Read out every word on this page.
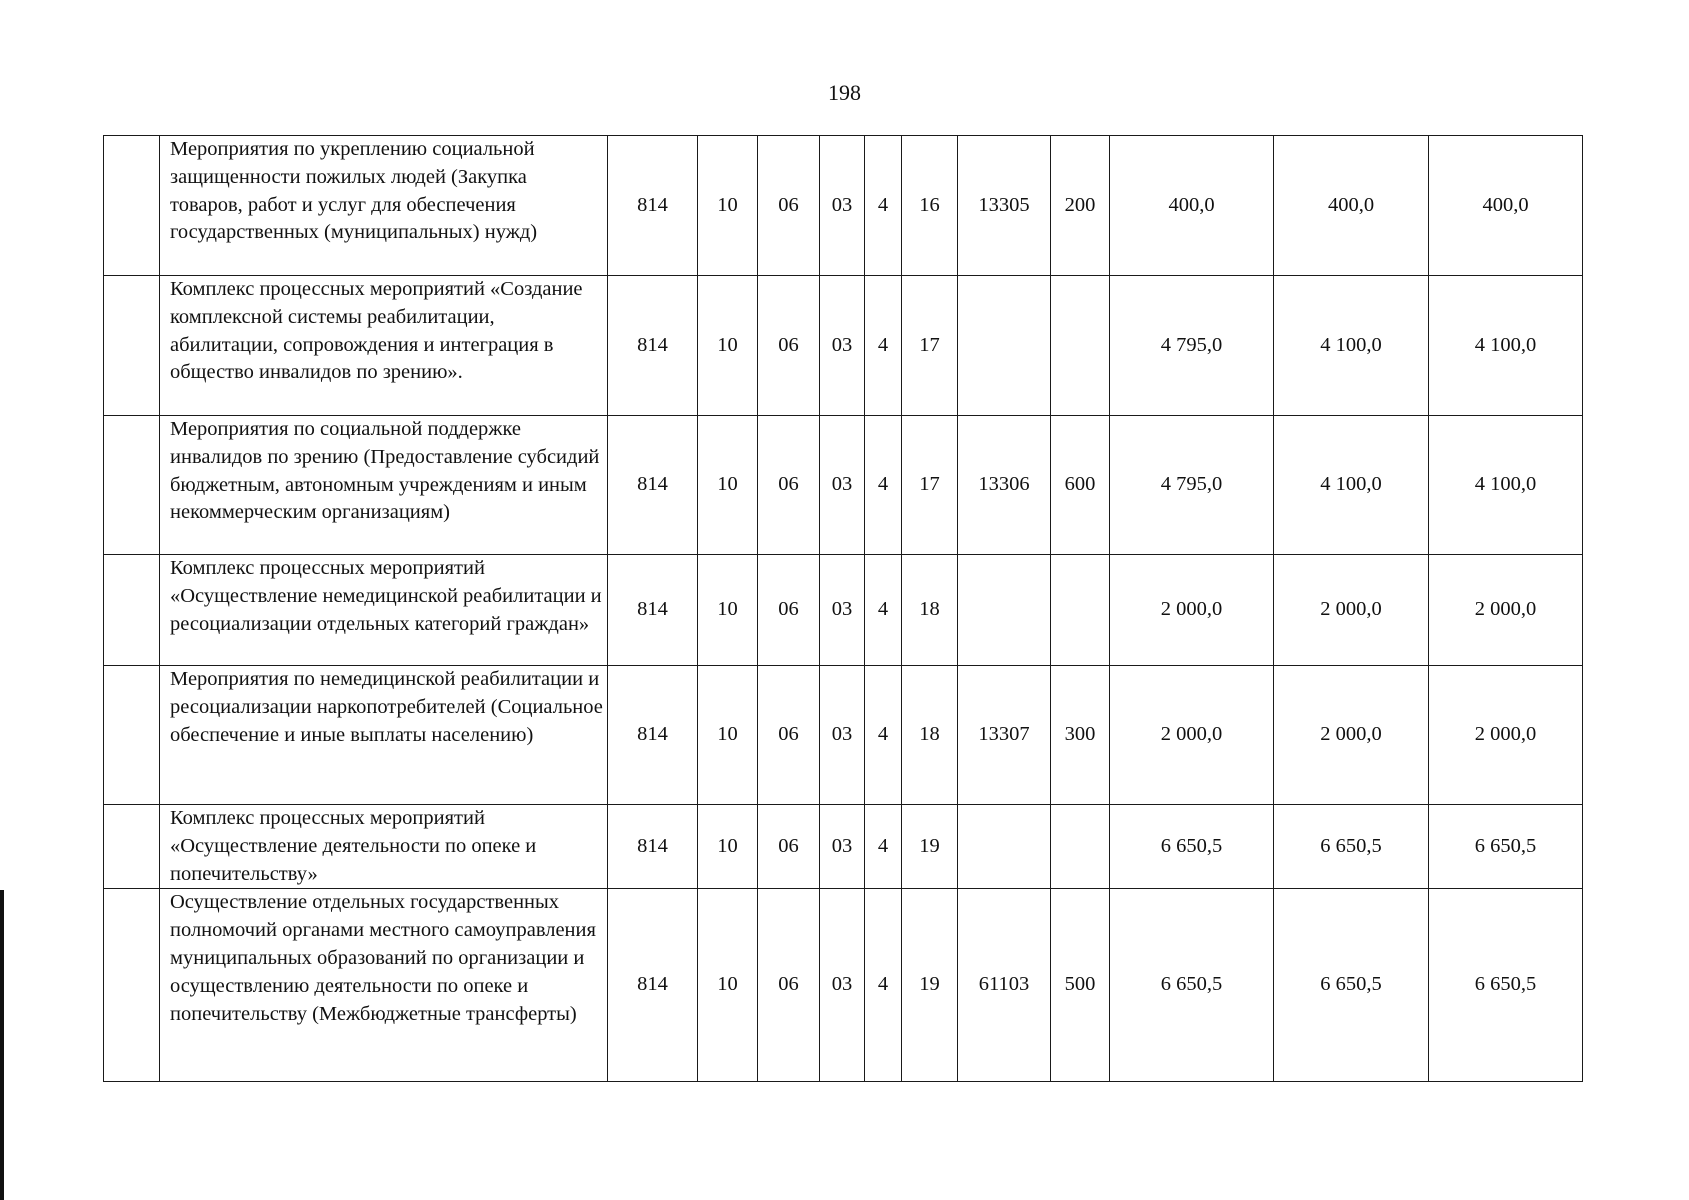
198
	Мероприятия по укреплению социальной защищенности пожилых людей (Закупка товаров, работ и услуг для обеспечения государственных (муниципальных) нужд)	814	10	06	03	4	16	13305	200	400,0	400,0	400,0
	Комплекс процессных мероприятий «Создание комплексной системы реабилитации, абилитации, сопровождения и интеграция в общество инвалидов по зрению».	814	10	06	03	4	17			4 795,0	4 100,0	4 100,0
	Мероприятия по социальной поддержке инвалидов по зрению (Предоставление субсидий бюджетным, автономным учреждениям и иным некоммерческим организациям)	814	10	06	03	4	17	13306	600	4 795,0	4 100,0	4 100,0
	Комплекс процессных мероприятий «Осуществление немедицинской реабилитации и ресоциализации отдельных категорий граждан»	814	10	06	03	4	18			2 000,0	2 000,0	2 000,0
	Мероприятия по немедицинской реабилитации и ресоциализации наркопотребителей (Социальное обеспечение и иные выплаты населению)	814	10	06	03	4	18	13307	300	2 000,0	2 000,0	2 000,0
	Комплекс процессных мероприятий «Осуществление деятельности по опеке и попечительству»	814	10	06	03	4	19			6 650,5	6 650,5	6 650,5
	Осуществление отдельных государственных полномочий органами местного самоуправления муниципальных образований по организации и осуществлению деятельности по опеке и попечительству (Межбюджетные трансферты)	814	10	06	03	4	19	61103	500	6 650,5	6 650,5	6 650,5
